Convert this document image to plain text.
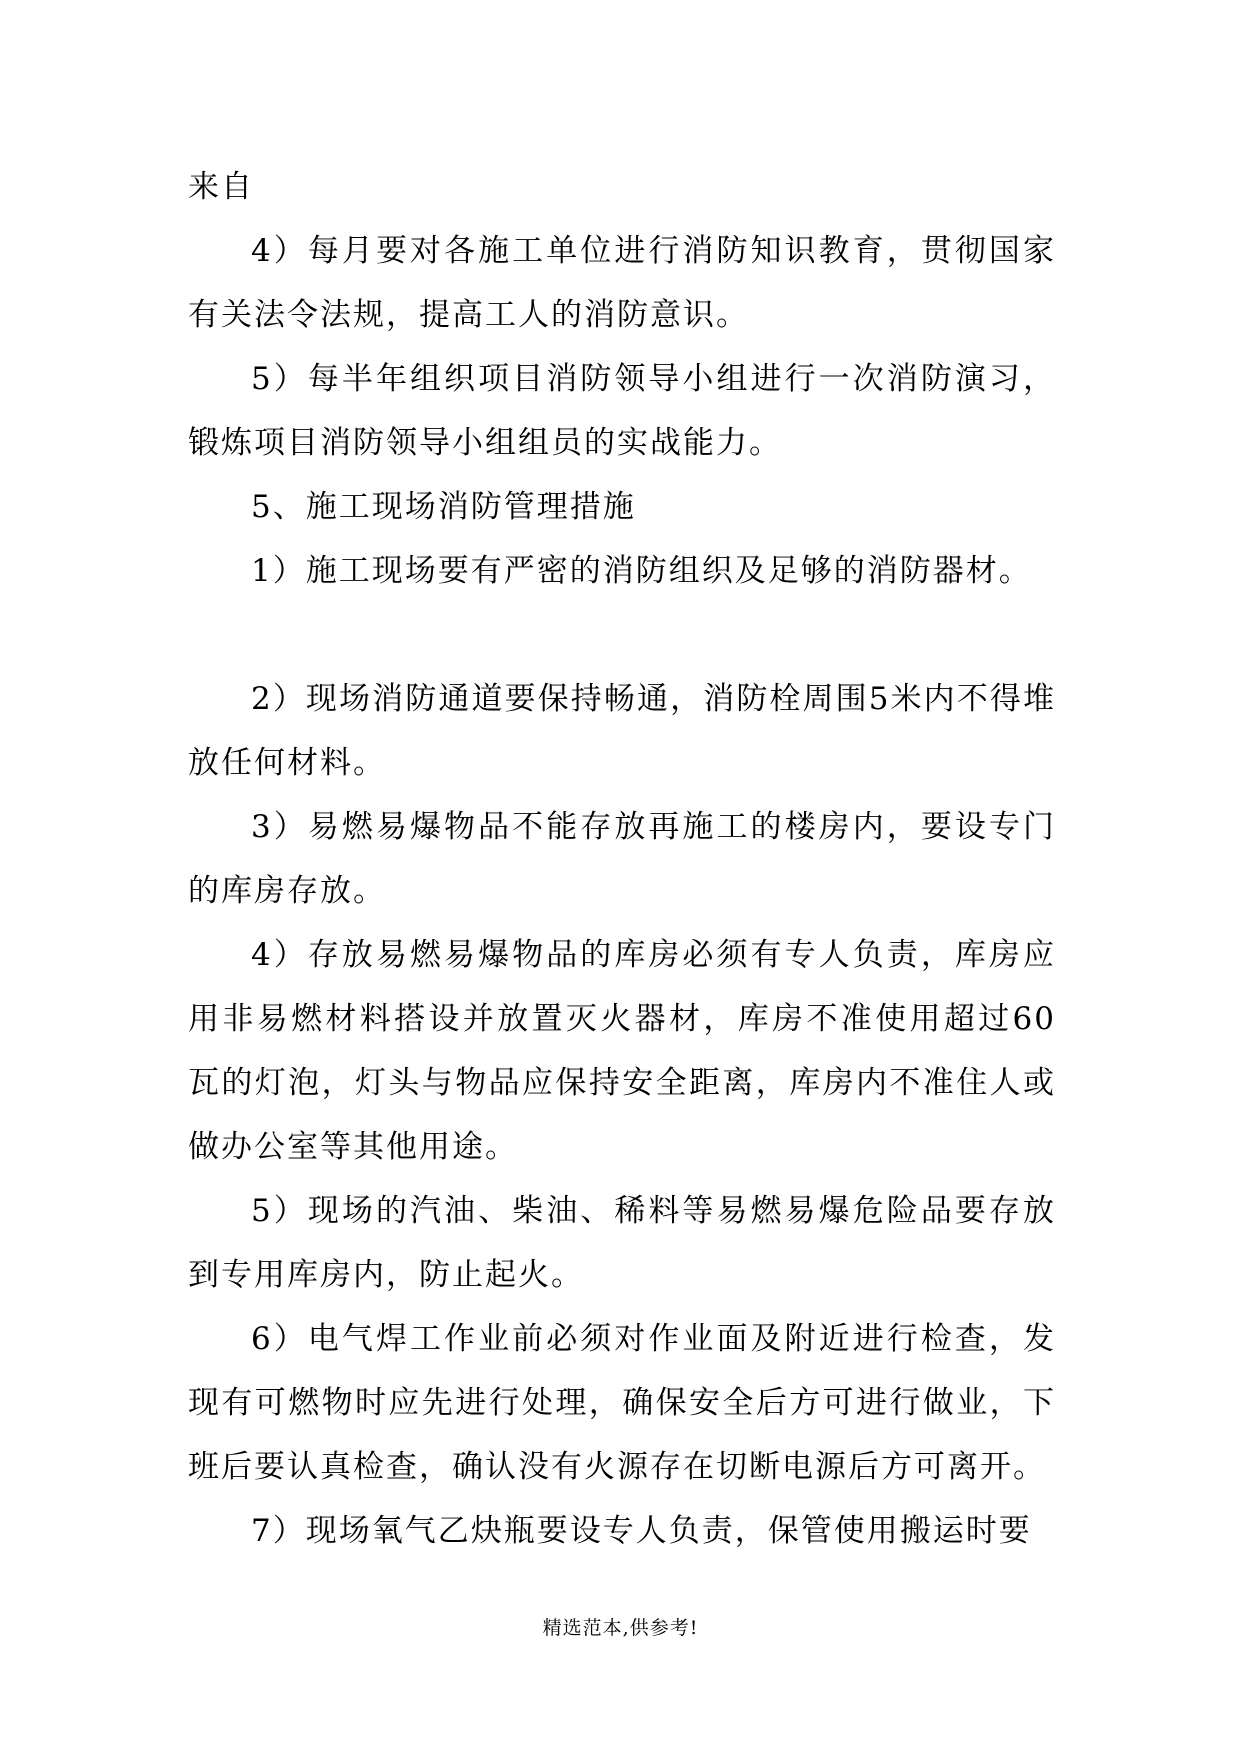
来自

4）每月要对各施工单位进行消防知识教育，贯彻国家有关法令法规，提高工人的消防意识。

5）每半年组织项目消防领导小组进行一次消防演习，锻炼项目消防领导小组组员的实战能力。

5、施工现场消防管理措施

1）施工现场要有严密的消防组织及足够的消防器材。

2）现场消防通道要保持畅通，消防栓周围5米内不得堆放任何材料。

3）易燃易爆物品不能存放再施工的楼房内，要设专门的库房存放。

4）存放易燃易爆物品的库房必须有专人负责，库房应用非易燃材料搭设并放置灭火器材，库房不准使用超过60瓦的灯泡，灯头与物品应保持安全距离，库房内不准住人或做办公室等其他用途。

5）现场的汽油、柴油、稀料等易燃易爆危险品要存放到专用库房内，防止起火。

6）电气焊工作业前必须对作业面及附近进行检查，发现有可燃物时应先进行处理，确保安全后方可进行做业，下班后要认真检查，确认没有火源存在切断电源后方可离开。

7）现场氧气乙炔瓶要设专人负责，保管使用搬运时要

精选范本,供参考!
